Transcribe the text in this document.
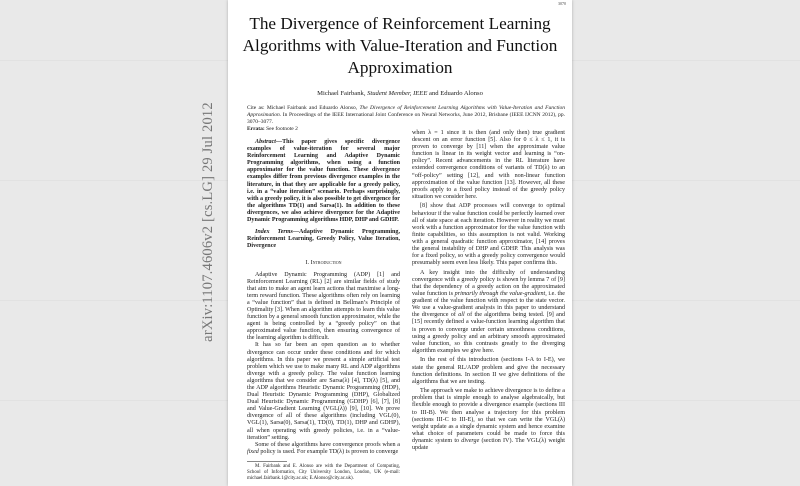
arXiv:1107.4606v2 [cs.LG] 29 Jul 2012
3070
The Divergence of Reinforcement Learning
Algorithms with Value-Iteration and Function
Approximation
Michael Fairbank, Student Member, IEEE and Eduardo Alonso

Cite as: Michael Fairbank and Eduardo Alonso, The Divergence of Reinforcement Learning Algorithms with Value-Iteration and Function Approximation. In Proceedings of the IEEE International Joint Conference on Neural Networks, June 2012, Brisbane (IEEE IJCNN 2012), pp. 3070–3077.

Errata: See footnote 2

Abstract—This paper gives specific divergence examples of value-iteration for several major Reinforcement Learning and Adaptive Dynamic Programming algorithms, when using a function approximator for the value function. These divergence examples differ from previous divergence examples in the literature, in that they are applicable for a greedy policy, i.e. in a “value iteration” scenario. Perhaps surprisingly, with a greedy policy, it is also possible to get divergence for the algorithms TD(1) and Sarsa(1). In addition to these divergences, we also achieve divergence for the Adaptive Dynamic Programming algorithms HDP, DHP and GDHP.

Index Terms—Adaptive Dynamic Programming, Reinforcement Learning, Greedy Policy, Value Iteration, Divergence

I. Introduction

Adaptive Dynamic Programming (ADP) [1] and Reinforcement Learning (RL) [2] are similar fields of study that aim to make an agent learn actions that maximise a long-term reward function. These algorithms often rely on learning a “value function” that is defined in Bellman’s Principle of Optimality [3]. When an algorithm attempts to learn this value function by a general smooth function approximator, while the agent is being controlled by a “greedy policy” on that approximated value function, then ensuring convergence of the learning algorithm is difficult.

It has so far been an open question as to whether divergence can occur under these conditions and for which algorithms. In this paper we present a simple artificial test problem which we use to make many RL and ADP algorithms diverge with a greedy policy. The value function learning algorithms that we consider are Sarsa(λ) [4], TD(λ) [5], and the ADP algorithms Heuristic Dynamic Programming (HDP), Dual Heuristic Dynamic Programming (DHP), Globalized Dual Heuristic Dynamic Programming (GDHP) [6], [7], [8] and Value-Gradient Learning (VGL(λ)) [9], [10]. We prove divergence of all of these algorithms (including VGL(0), VGL(1), Sarsa(0), Sarsa(1), TD(0), TD(1), DHP and GDHP), all when operating with greedy policies, i.e. in a “value-iteration” setting.

Some of these algorithms have convergence proofs when a fixed policy is used. For example TD(λ) is proven to converge

M. Fairbank and E. Alonso are with the Department of Computing, School of Informatics, City University London, London, UK (e-mail: michael.fairbank.1@city.ac.uk; E.Alonso@city.ac.uk).

when λ = 1 since it is then (and only then) true gradient descent on an error function [5]. Also for 0 ≤ λ ≤ 1, it is proven to converge by [11] when the approximate value function is linear in its weight vector and learning is “on-policy”. Recent advancements in the RL literature have extended convergence conditions of variants of TD(λ) to an “off-policy” setting [12], and with non-linear function approximation of the value function [13]. However, all these proofs apply to a fixed policy instead of the greedy policy situation we consider here.

[8] show that ADP processes will converge to optimal behaviour if the value function could be perfectly learned over all of state space at each iteration. However in reality we must work with a function approximator for the value function with finite capabilities, so this assumption is not valid. Working with a general quadratic function approximator, [14] proves the general instability of DHP and GDHP. This analysis was for a fixed policy, so with a greedy policy convergence would presumably seem even less likely. This paper confirms this.

A key insight into the difficulty of understanding convergence with a greedy policy is shown by lemma 7 of [9] that the dependency of a greedy action on the approximated value function is primarily through the value-gradient, i.e. the gradient of the value function with respect to the state vector. We use a value-gradient analysis in this paper to understand the divergence of all of the algorithms being tested. [9] and [15] recently defined a value-function learning algorithm that is proven to converge under certain smoothness conditions, using a greedy policy and an arbitrary smooth approximated value function, so this contrasts greatly to the diverging algorithm examples we give here.

In the rest of this introduction (sections I-A to I-E), we state the general RL/ADP problem and give the necessary function definitions. In section II we give definitions of the algorithms that we are testing.

The approach we make to achieve divergence is to define a problem that is simple enough to analyse algebraically, but flexible enough to provide a divergence example (sections III to III-B). We then analyse a trajectory for this problem (sections III-C to III-E), so that we can write the VGL(λ) weight update as a single dynamic system and hence examine what choice of parameters could be made to force this dynamic system to diverge (section IV). The VGL(λ) weight update
